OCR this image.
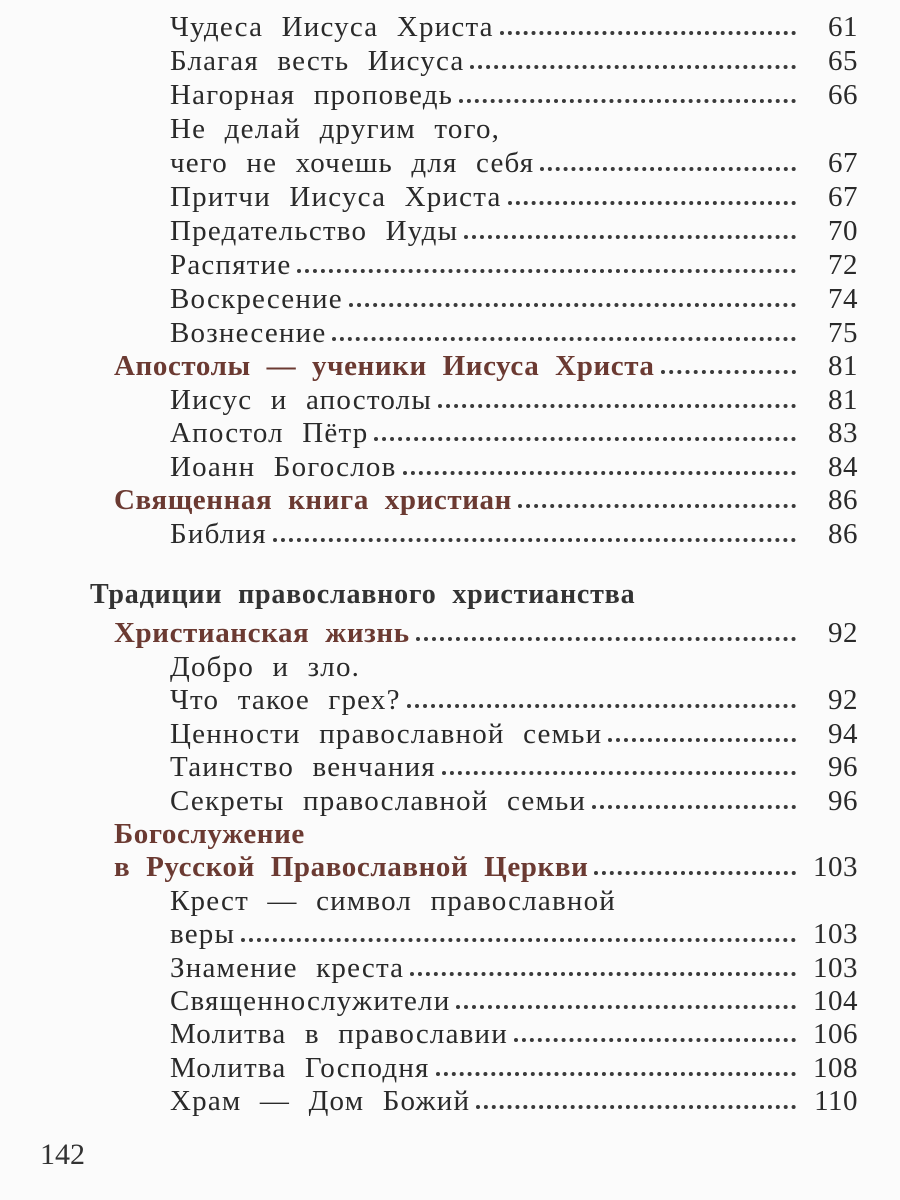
Чудеса Иисуса Христа	61
Благая весть Иисуса	65
Нагорная проповедь	66
Не делай другим того,
чего не хочешь для себя	67
Притчи Иисуса Христа	67
Предательство Иуды	70
Распятие	72
Воскресение	74
Вознесение	75
Апостолы — ученики Иисуса Христа	81
Иисус и апостолы	81
Апостол Пётр	83
Иоанн Богослов	84
Священная книга христиан	86
Библия	86
Традиции православного христианства
Христианская жизнь	92
Добро и зло.
Что такое грех?	92
Ценности православной семьи	94
Таинство венчания	96
Секреты православной семьи	96
Богослужение
в Русской Православной Церкви	103
Крест — символ православной
веры	103
Знамение креста	103
Священнослужители	104
Молитва в православии	106
Молитва Господня	108
Храм — Дом Божий	110
142
